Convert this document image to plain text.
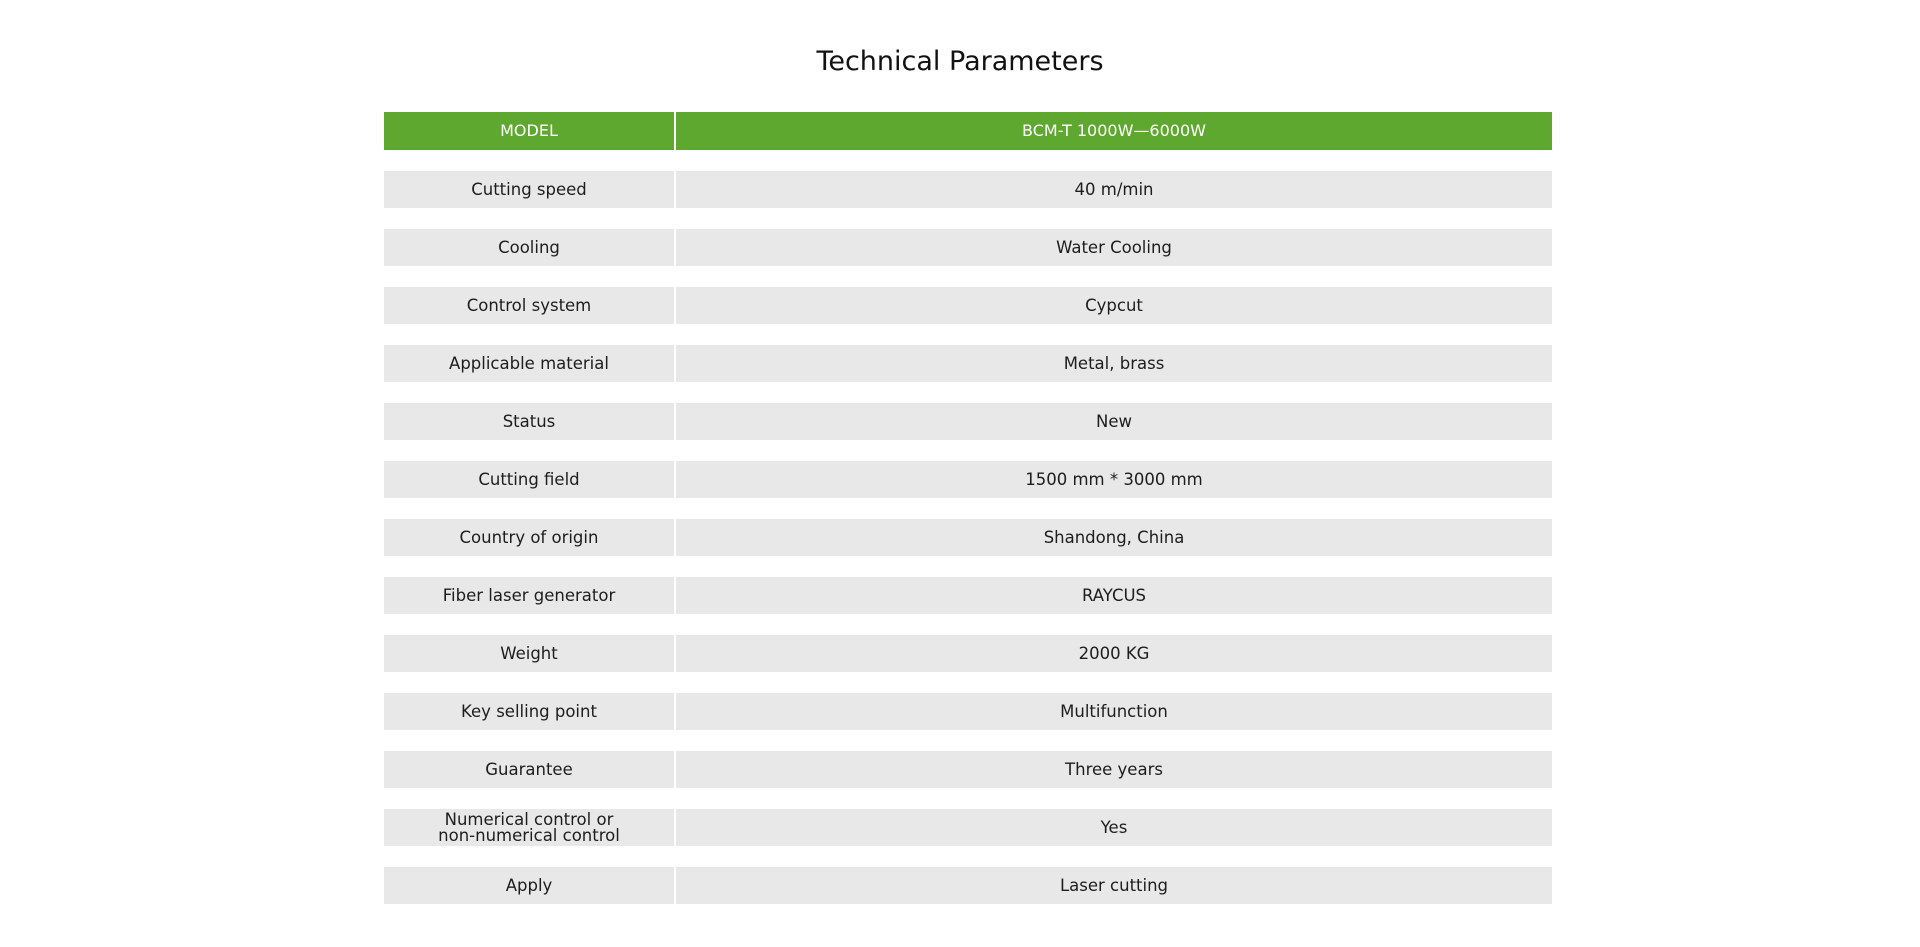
Technical Parameters
MODEL	BCM-T 1000W—6000W
Cutting speed	40 m/min
Cooling	Water Cooling
Control system	Cypcut
Applicable material	Metal, brass
Status	New
Cutting field	1500 mm * 3000 mm
Country of origin	Shandong, China
Fiber laser generator	RAYCUS
Weight	2000 KG
Key selling point	Multifunction
Guarantee	Three years
Numerical control or
non-numerical control	Yes
Apply	Laser cutting
